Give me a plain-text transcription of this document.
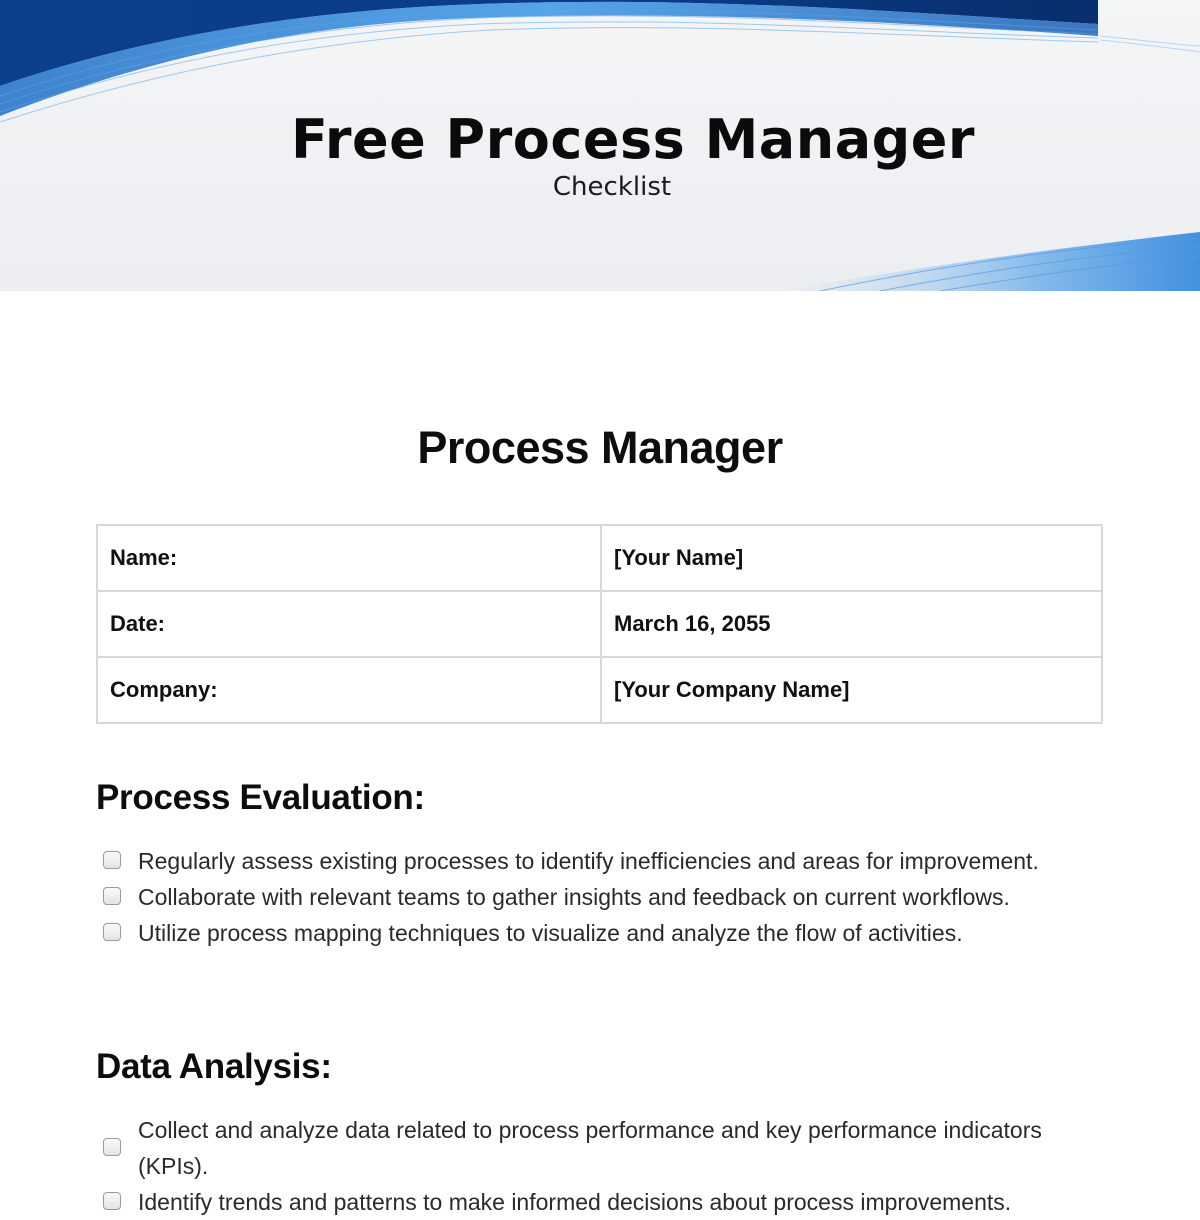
Free Process Manager
Checklist
Process Manager
Name:	[Your Name]
Date:	March 16, 2055
Company:	[Your Company Name]
Process Evaluation:
Regularly assess existing processes to identify inefficiencies and areas for improvement.
Collaborate with relevant teams to gather insights and feedback on current workflows.
Utilize process mapping techniques to visualize and analyze the flow of activities.
Data Analysis:
Collect and analyze data related to process performance and key performance indicators (KPIs).
Identify trends and patterns to make informed decisions about process improvements.
